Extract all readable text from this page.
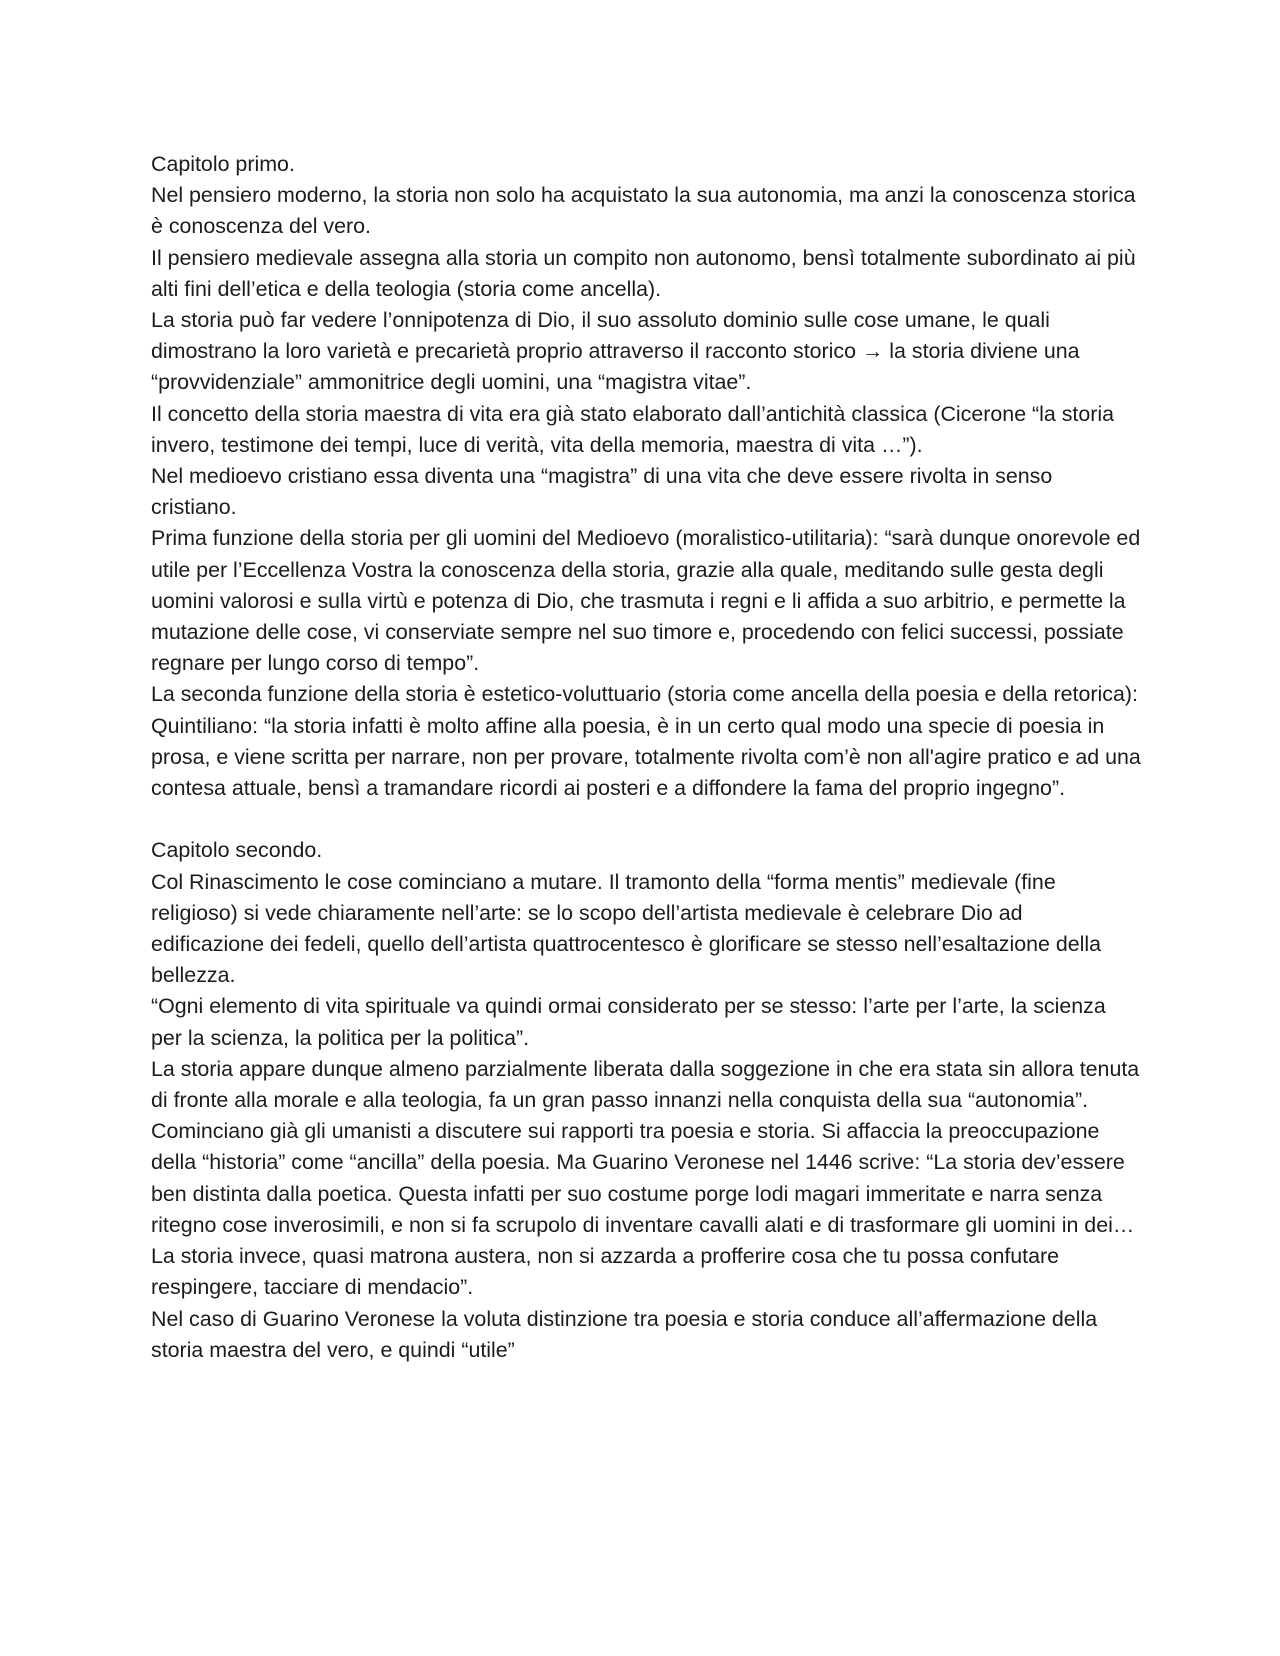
Capitolo primo.

Nel pensiero moderno, la storia non solo ha acquistato la sua autonomia, ma anzi la conoscenza storica è conoscenza del vero.

Il pensiero medievale assegna alla storia un compito non autonomo, bensì totalmente subordinato ai più alti fini dell’etica e della teologia (storia come ancella).

La storia può far vedere l’onnipotenza di Dio, il suo assoluto dominio sulle cose umane, le quali dimostrano la loro varietà e precarietà proprio attraverso il racconto storico → la storia diviene una “provvidenziale” ammonitrice degli uomini, una “magistra vitae”.

Il concetto della storia maestra di vita era già stato elaborato dall’antichità classica (Cicerone “la storia invero, testimone dei tempi, luce di verità, vita della memoria, maestra di vita …”).

Nel medioevo cristiano essa diventa una “magistra” di una vita che deve essere rivolta in senso cristiano.

Prima funzione della storia per gli uomini del Medioevo (moralistico-utilitaria): “sarà dunque onorevole ed utile per l’Eccellenza Vostra la conoscenza della storia, grazie alla quale, meditando sulle gesta degli uomini valorosi e sulla virtù e potenza di Dio, che trasmuta i regni e li affida a suo arbitrio, e permette la mutazione delle cose, vi conserviate sempre nel suo timore e, procedendo con felici successi, possiate regnare per lungo corso di tempo”.

La seconda funzione della storia è estetico-voluttuario (storia come ancella della poesia e della retorica): Quintiliano: “la storia infatti è molto affine alla poesia, è in un certo qual modo una specie di poesia in prosa, e viene scritta per narrare, non per provare, totalmente rivolta com’è non all'agire pratico e ad una contesa attuale, bensì a tramandare ricordi ai posteri e a diffondere la fama del proprio ingegno”.

Capitolo secondo.

Col Rinascimento le cose cominciano a mutare. Il tramonto della “forma mentis” medievale (fine religioso) si vede chiaramente nell’arte: se lo scopo dell’artista medievale è celebrare Dio ad edificazione dei fedeli, quello dell’artista quattrocentesco è glorificare se stesso nell’esaltazione della bellezza.

“Ogni elemento di vita spirituale va quindi ormai considerato per se stesso: l’arte per l’arte, la scienza per la scienza, la politica per la politica”.

La storia appare dunque almeno parzialmente liberata dalla soggezione in che era stata sin allora tenuta di fronte alla morale e alla teologia, fa un gran passo innanzi nella conquista della sua “autonomia”.

Cominciano già gli umanisti a discutere sui rapporti tra poesia e storia. Si affaccia la preoccupazione della “historia” come “ancilla” della poesia. Ma Guarino Veronese nel 1446 scrive: “La storia dev’essere ben distinta dalla poetica. Questa infatti per suo costume porge lodi magari immeritate e narra senza ritegno cose inverosimili, e non si fa scrupolo di inventare cavalli alati e di trasformare gli uomini in dei… La storia invece, quasi matrona austera, non si azzarda a profferire cosa che tu possa confutare respingere, tacciare di mendacio”.

Nel caso di Guarino Veronese la voluta distinzione tra poesia e storia conduce all’affermazione della storia maestra del vero, e quindi “utile”
